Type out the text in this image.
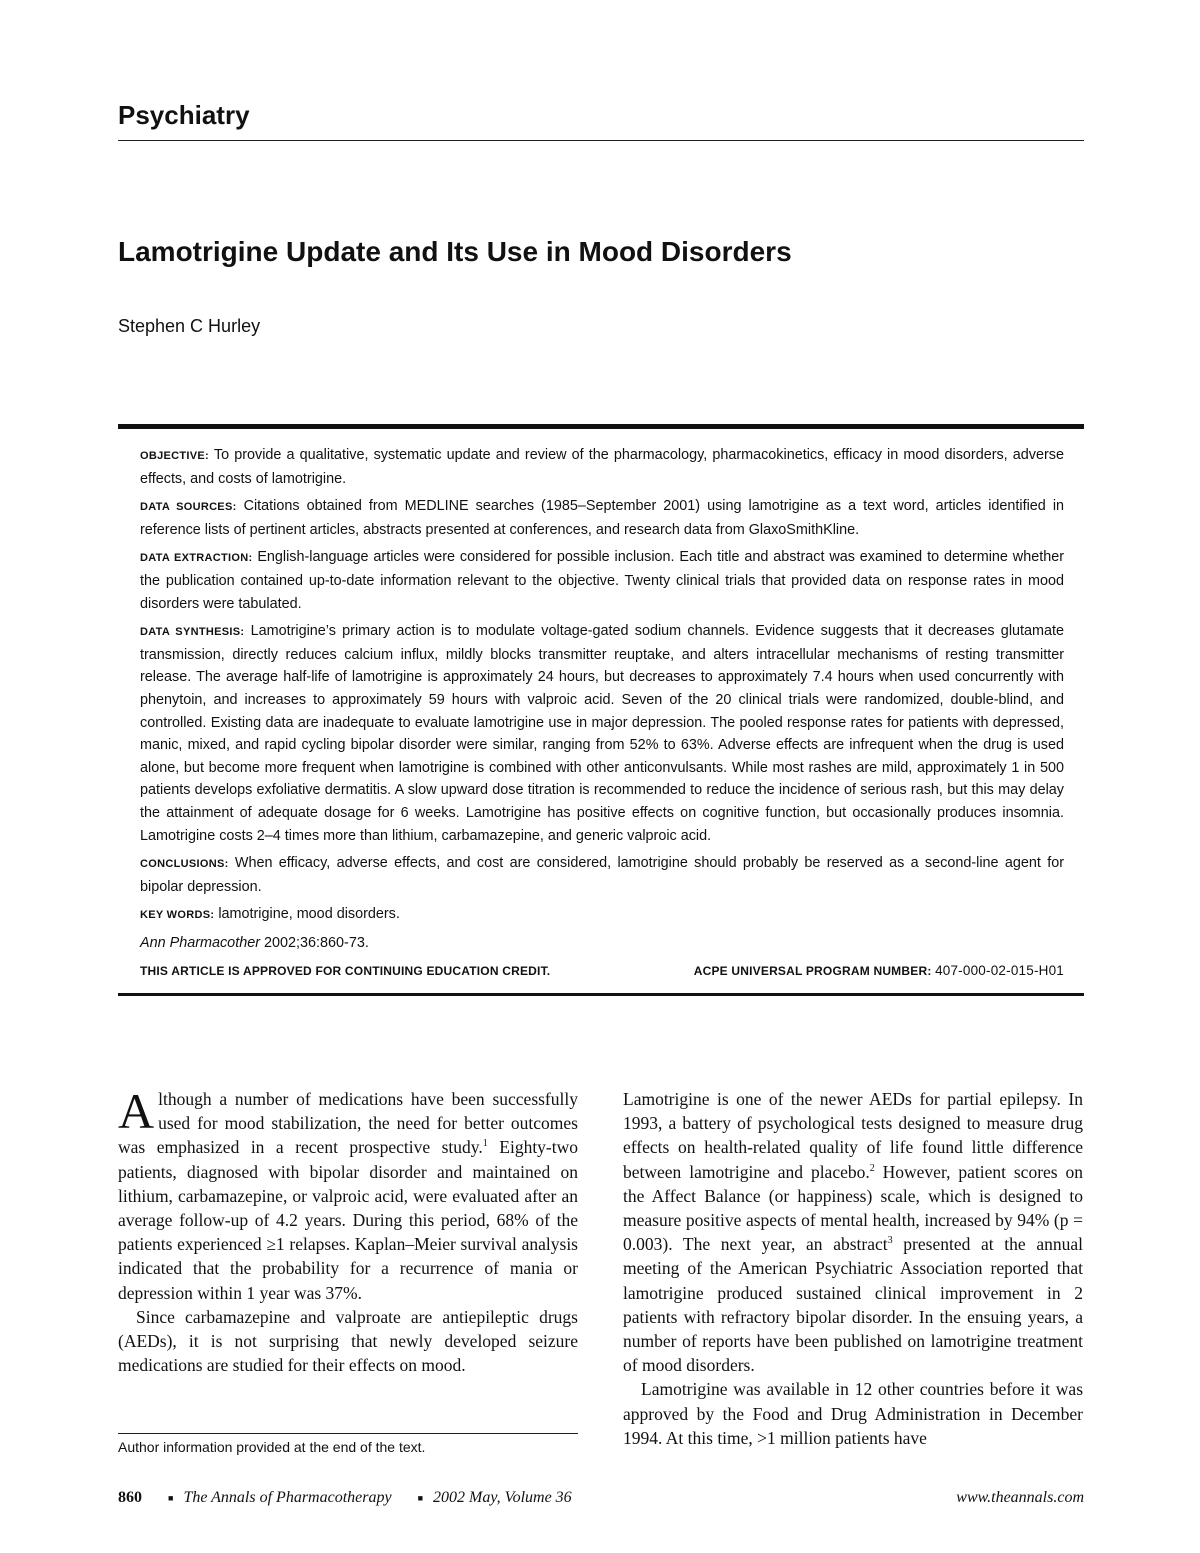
Psychiatry
Lamotrigine Update and Its Use in Mood Disorders
Stephen C Hurley

OBJECTIVE: To provide a qualitative, systematic update and review of the pharmacology, pharmacokinetics, efficacy in mood disorders, adverse effects, and costs of lamotrigine.

DATA SOURCES: Citations obtained from MEDLINE searches (1985–September 2001) using lamotrigine as a text word, articles identified in reference lists of pertinent articles, abstracts presented at conferences, and research data from GlaxoSmithKline.

DATA EXTRACTION: English-language articles were considered for possible inclusion. Each title and abstract was examined to determine whether the publication contained up-to-date information relevant to the objective. Twenty clinical trials that provided data on response rates in mood disorders were tabulated.

DATA SYNTHESIS: Lamotrigine’s primary action is to modulate voltage-gated sodium channels. Evidence suggests that it decreases glutamate transmission, directly reduces calcium influx, mildly blocks transmitter reuptake, and alters intracellular mechanisms of resting transmitter release. The average half-life of lamotrigine is approximately 24 hours, but decreases to approximately 7.4 hours when used concurrently with phenytoin, and increases to approximately 59 hours with valproic acid. Seven of the 20 clinical trials were randomized, double-blind, and controlled. Existing data are inadequate to evaluate lamotrigine use in major depression. The pooled response rates for patients with depressed, manic, mixed, and rapid cycling bipolar disorder were similar, ranging from 52% to 63%. Adverse effects are infrequent when the drug is used alone, but become more frequent when lamotrigine is combined with other anticonvulsants. While most rashes are mild, approximately 1 in 500 patients develops exfoliative dermatitis. A slow upward dose titration is recommended to reduce the incidence of serious rash, but this may delay the attainment of adequate dosage for 6 weeks. Lamotrigine has positive effects on cognitive function, but occasionally produces insomnia. Lamotrigine costs 2–4 times more than lithium, carbamazepine, and generic valproic acid.

CONCLUSIONS: When efficacy, adverse effects, and cost are considered, lamotrigine should probably be reserved as a second-line agent for bipolar depression.

KEY WORDS: lamotrigine, mood disorders.

Ann Pharmacother 2002;36:860-73.

THIS ARTICLE IS APPROVED FOR CONTINUING EDUCATION CREDIT.	ACPE UNIVERSAL PROGRAM NUMBER: 407-000-02-015-H01

Although a number of medications have been successfully used for mood stabilization, the need for better outcomes was emphasized in a recent prospective study.$^1$ Eighty-two patients, diagnosed with bipolar disorder and maintained on lithium, carbamazepine, or valproic acid, were evaluated after an average follow-up of 4.2 years. During this period, 68% of the patients experienced ≥1 relapses. Kaplan–Meier survival analysis indicated that the probability for a recurrence of mania or depression within 1 year was 37%.

Since carbamazepine and valproate are antiepileptic drugs (AEDs), it is not surprising that newly developed seizure medications are studied for their effects on mood.

Lamotrigine is one of the newer AEDs for partial epilepsy. In 1993, a battery of psychological tests designed to measure drug effects on health-related quality of life found little difference between lamotrigine and placebo.$^2$ However, patient scores on the Affect Balance (or happiness) scale, which is designed to measure positive aspects of mental health, increased by 94% (p = 0.003). The next year, an abstract$^3$ presented at the annual meeting of the American Psychiatric Association reported that lamotrigine produced sustained clinical improvement in 2 patients with refractory bipolar disorder. In the ensuing years, a number of reports have been published on lamotrigine treatment of mood disorders.

Lamotrigine was available in 12 other countries before it was approved by the Food and Drug Administration in December 1994. At this time, >1 million patients have

Author information provided at the end of the text.
860	■ The Annals of Pharmacotherapy	■ 2002 May, Volume 36	www.theannals.com
